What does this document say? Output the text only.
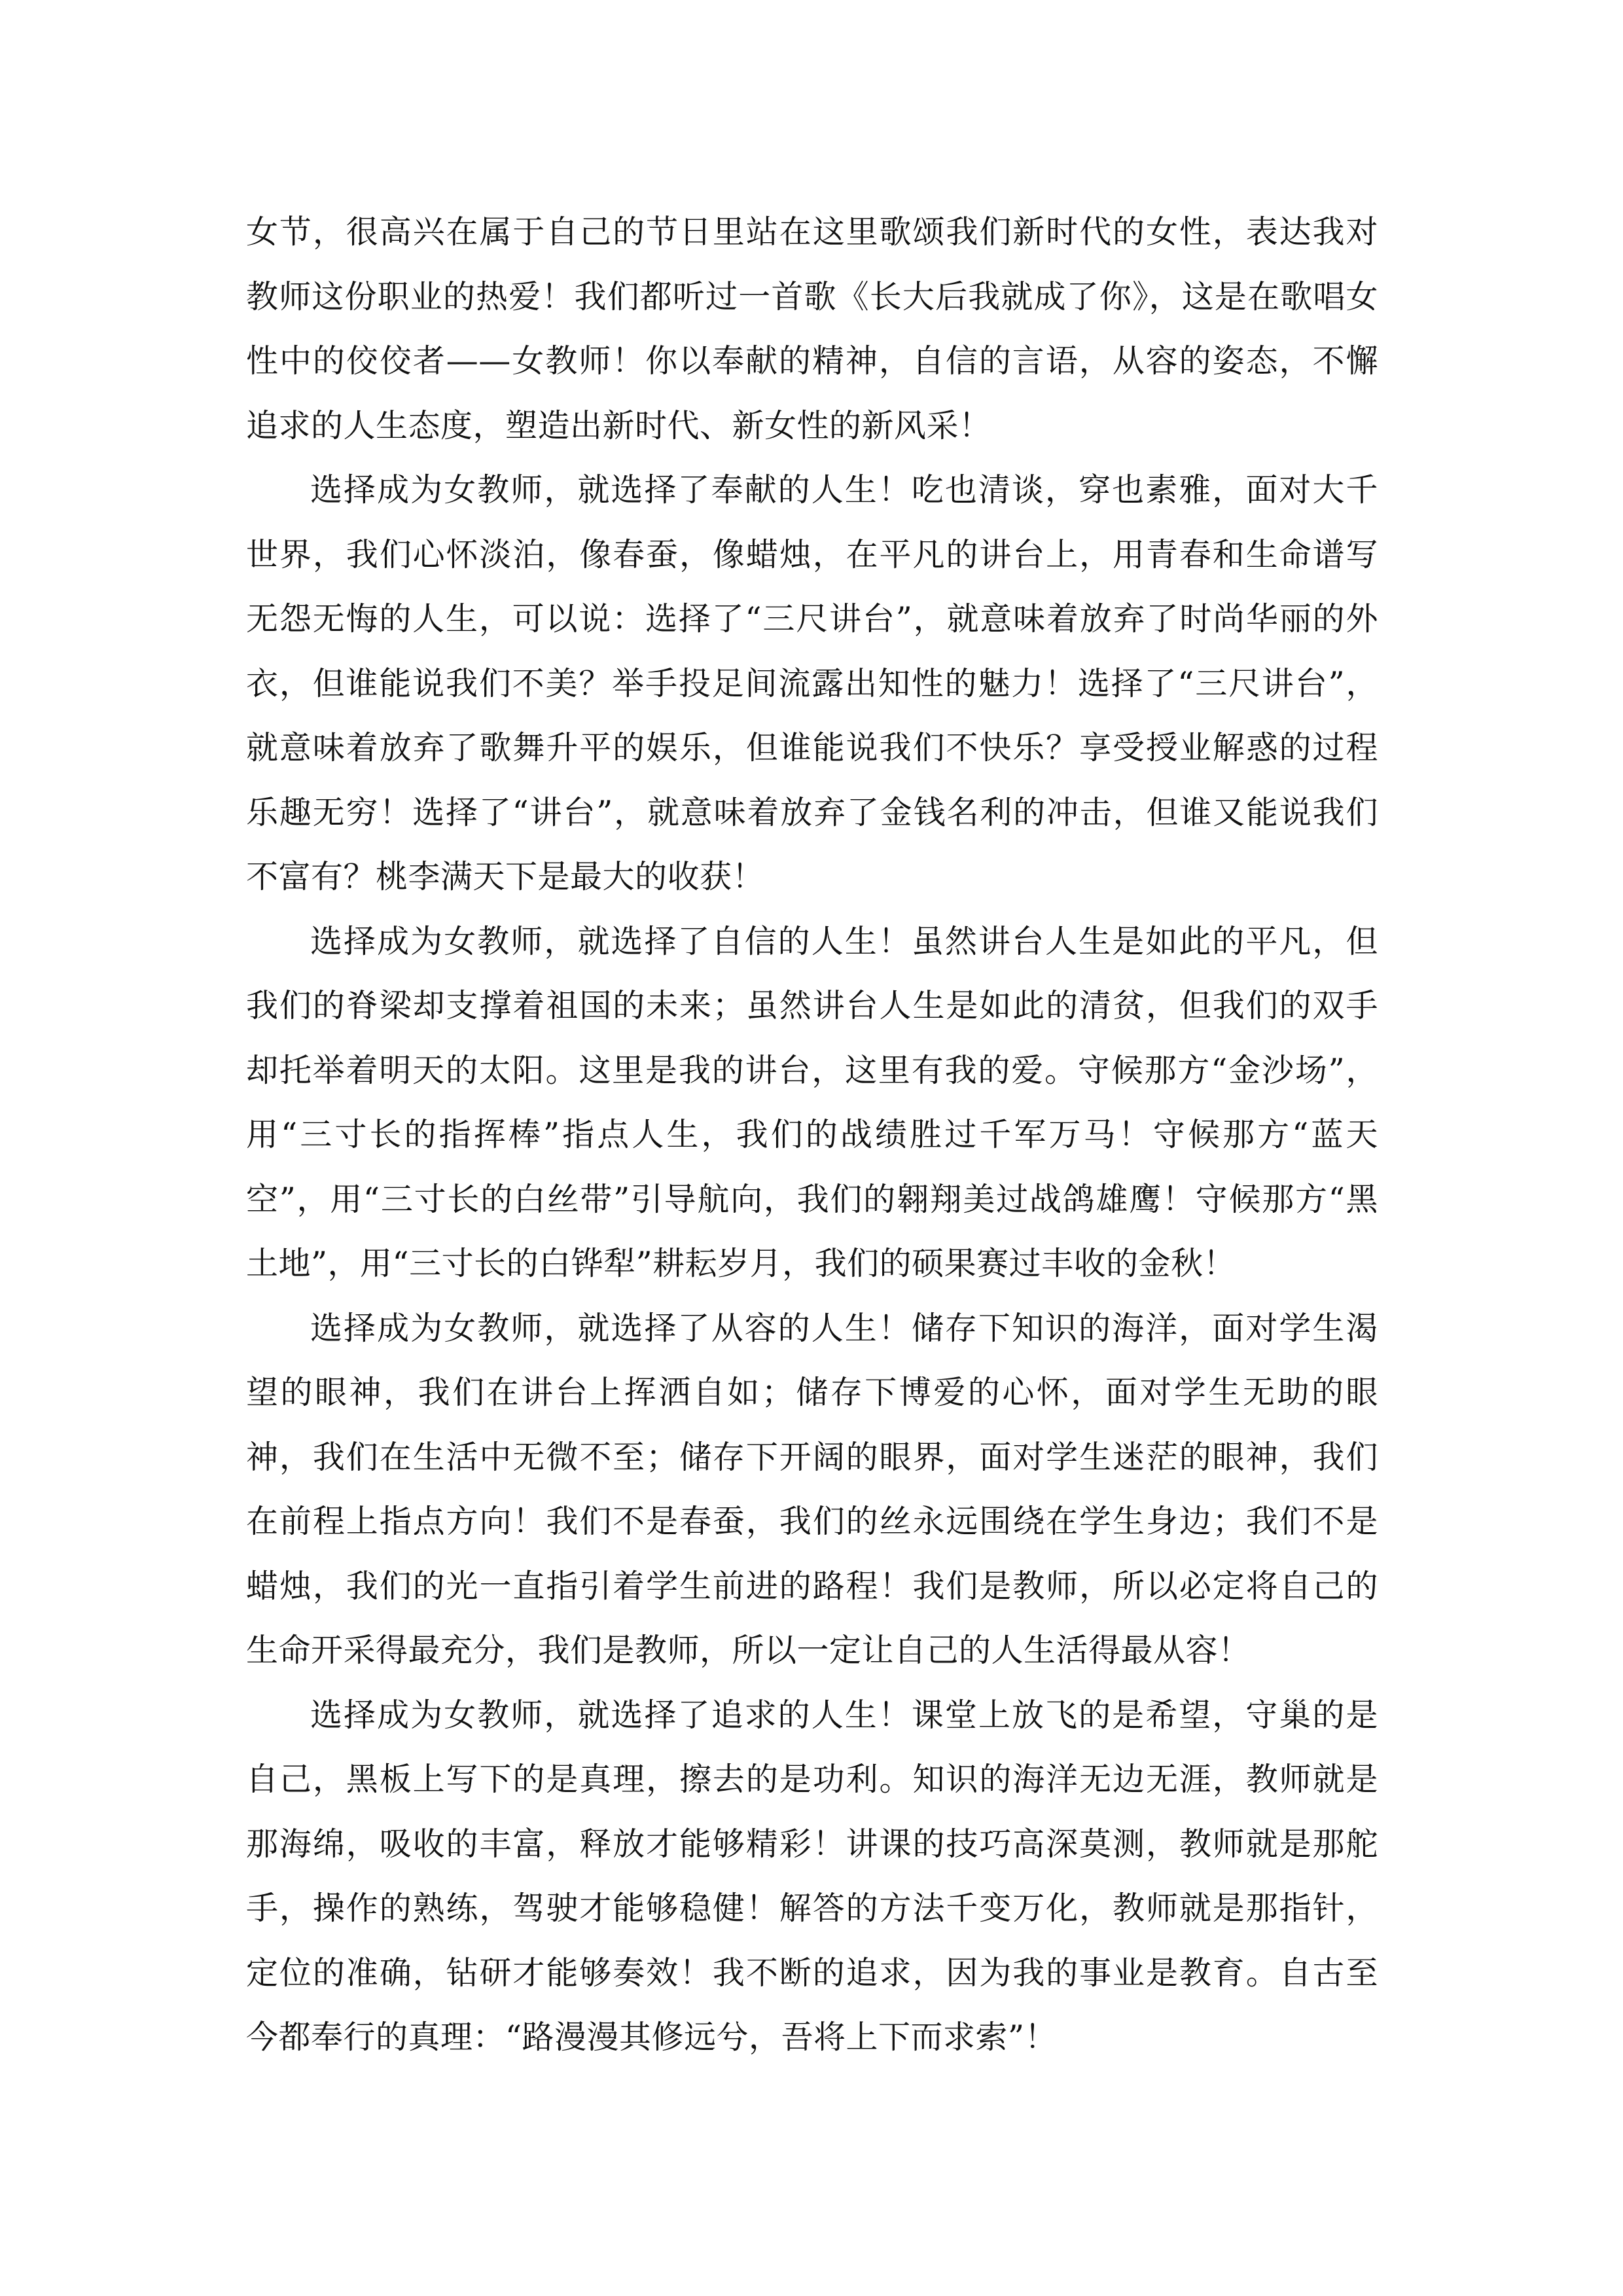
女节，很高兴在属于自己的节日里站在这里歌颂我们新时代的女性，表达我对教师这份职业的热爱！我们都听过一首歌《长大后我就成了你》，这是在歌唱女性中的佼佼者——女教师！你以奉献的精神，自信的言语，从容的姿态，不懈追求的人生态度，塑造出新时代、新女性的新风采！

选择成为女教师，就选择了奉献的人生！吃也清谈，穿也素雅，面对大千世界，我们心怀淡泊，像春蚕，像蜡烛，在平凡的讲台上，用青春和生命谱写无怨无悔的人生，可以说：选择了“三尺讲台”，就意味着放弃了时尚华丽的外衣，但谁能说我们不美？举手投足间流露出知性的魅力！选择了“三尺讲台”，就意味着放弃了歌舞升平的娱乐，但谁能说我们不快乐？享受授业解惑的过程乐趣无穷！选择了“讲台”，就意味着放弃了金钱名利的冲击，但谁又能说我们不富有？桃李满天下是最大的收获！

选择成为女教师，就选择了自信的人生！虽然讲台人生是如此的平凡，但我们的脊梁却支撑着祖国的未来；虽然讲台人生是如此的清贫，但我们的双手却托举着明天的太阳。这里是我的讲台，这里有我的爱。守候那方“金沙场”，用“三寸长的指挥棒”指点人生，我们的战绩胜过千军万马！守候那方“蓝天空”，用“三寸长的白丝带”引导航向，我们的翱翔美过战鸽雄鹰！守候那方“黑土地”，用“三寸长的白铧犁”耕耘岁月，我们的硕果赛过丰收的金秋！

选择成为女教师，就选择了从容的人生！储存下知识的海洋，面对学生渴望的眼神，我们在讲台上挥洒自如；储存下博爱的心怀，面对学生无助的眼神，我们在生活中无微不至；储存下开阔的眼界，面对学生迷茫的眼神，我们在前程上指点方向！我们不是春蚕，我们的丝永远围绕在学生身边；我们不是蜡烛，我们的光一直指引着学生前进的路程！我们是教师，所以必定将自己的生命开采得最充分，我们是教师，所以一定让自己的人生活得最从容！

选择成为女教师，就选择了追求的人生！课堂上放飞的是希望，守巢的是自己，黑板上写下的是真理，擦去的是功利。知识的海洋无边无涯，教师就是那海绵，吸收的丰富，释放才能够精彩！讲课的技巧高深莫测，教师就是那舵手，操作的熟练，驾驶才能够稳健！解答的方法千变万化，教师就是那指针，定位的准确，钻研才能够奏效！我不断的追求，因为我的事业是教育。自古至今都奉行的真理：“路漫漫其修远兮，吾将上下而求索”！
